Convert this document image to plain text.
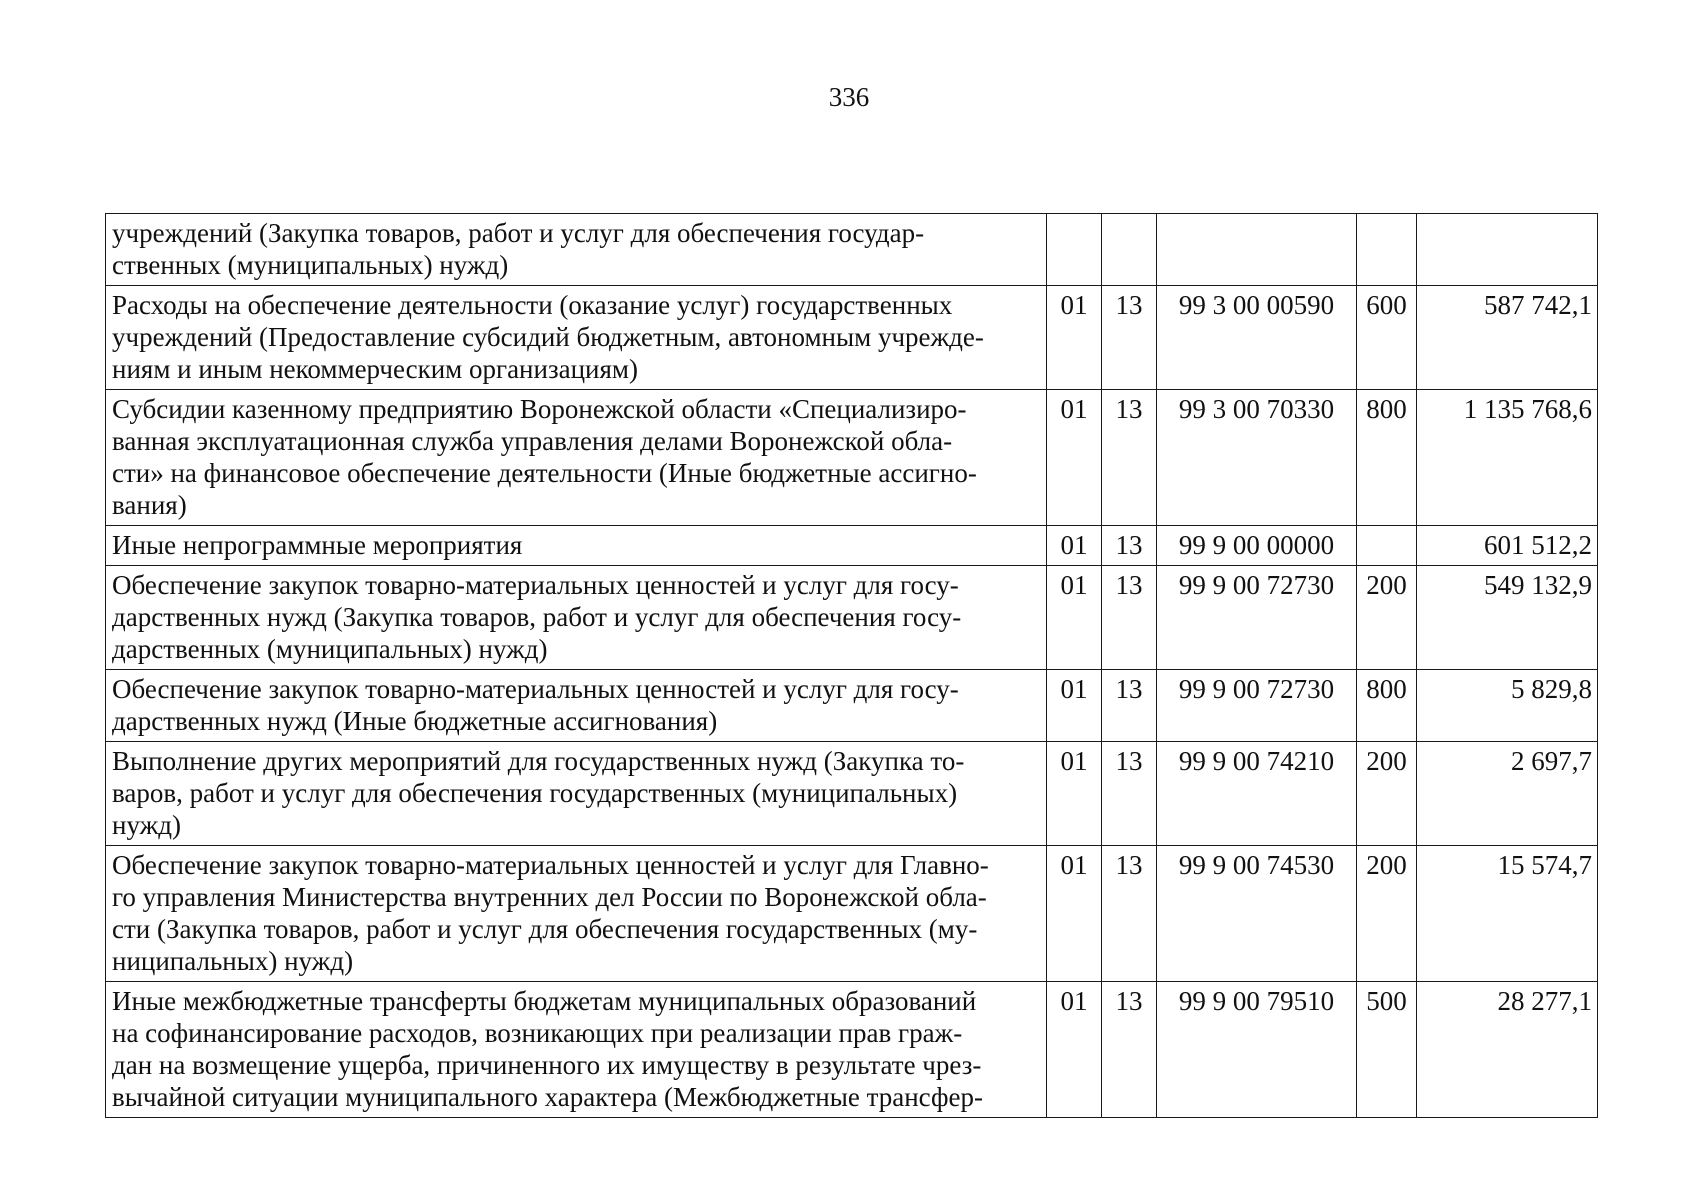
336
учреждений (Закупка товаров, работ и услуг для обеспечения государ-
ственных (муниципальных) нужд)					
Расходы на обеспечение деятельности (оказание услуг) государственных
учреждений (Предоставление субсидий бюджетным, автономным учрежде-
ниям и иным некоммерческим организациям)	01	13	99 3 00 00590	600	587 742,1
Субсидии казенному предприятию Воронежской области «Специализиро-
ванная эксплуатационная служба управления делами Воронежской обла-
сти» на финансовое обеспечение деятельности (Иные бюджетные ассигно-
вания)	01	13	99 3 00 70330	800	1 135 768,6
Иные непрограммные мероприятия	01	13	99 9 00 00000		601 512,2
Обеспечение закупок товарно-материальных ценностей и услуг для госу-
дарственных нужд (Закупка товаров, работ и услуг для обеспечения госу-
дарственных (муниципальных) нужд)	01	13	99 9 00 72730	200	549 132,9
Обеспечение закупок товарно-материальных ценностей и услуг для госу-
дарственных нужд (Иные бюджетные ассигнования)	01	13	99 9 00 72730	800	5 829,8
Выполнение других мероприятий для государственных нужд (Закупка то-
варов, работ и услуг для обеспечения государственных (муниципальных)
нужд)	01	13	99 9 00 74210	200	2 697,7
Обеспечение закупок товарно-материальных ценностей и услуг для Главно-
го управления Министерства внутренних дел России по Воронежской обла-
сти (Закупка товаров, работ и услуг для обеспечения государственных (му-
ниципальных) нужд)	01	13	99 9 00 74530	200	15 574,7
Иные межбюджетные трансферты бюджетам муниципальных образований
на софинансирование расходов, возникающих при реализации прав граж-
дан на возмещение ущерба, причиненного их имуществу в результате чрез-
вычайной ситуации муниципального характера (Межбюджетные трансфер-	01	13	99 9 00 79510	500	28 277,1
